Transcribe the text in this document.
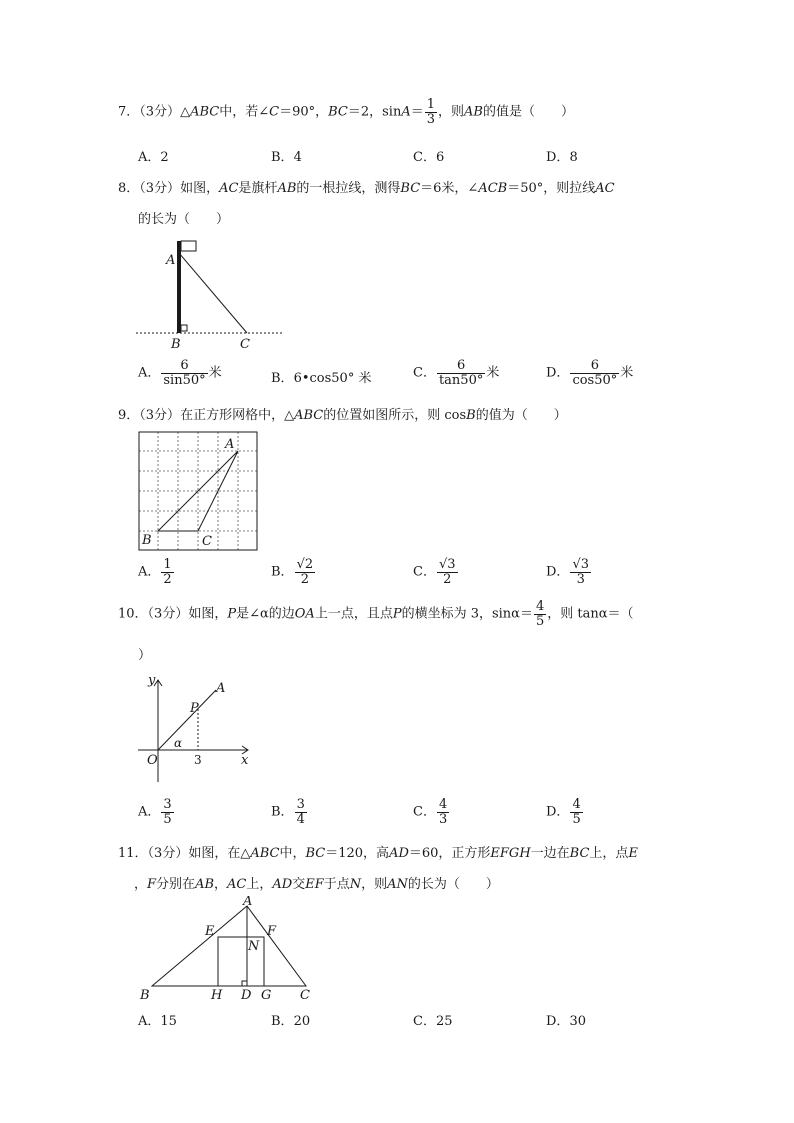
7．（3分）△ABC中，若∠C＝90°，BC＝2，$\sin A= \frac{1}{3}$ ，则AB的值是（　　）
A．2	B．4	C．6	D．8
8．（3分）如图，AC是旗杆AB的一根拉线，测得BC＝6米，∠ACB＝50°，则拉线AC
的长为（　　）
A
B	C
A． $\frac{6}{\sin 50^\circ}$ 米	B．6•cos50° 米	C． $\frac{6}{\tan 50^\circ}$ 米	D． $\frac{6}{\cos 50^\circ}$ 米
9．（3分）在正方形网格中，△ABC的位置如图所示，则 cosB的值为（　　）
A
B	C
A． $\frac{1}{2}$	B． $\frac{√2}{2}$	C． $\frac{√3}{2}$	D． $\frac{√3}{3}$
10．（3分）如图，P是∠α的边OA上一点，且点P的横坐标为 3，$\sin\alpha= \frac{4}{5}$ ，则 tanα＝（
）
y
A
P
α
O	3	x
A． $\frac{3}{5}$	B． $\frac{3}{4}$	C． $\frac{4}{3}$	D． $\frac{4}{5}$
11．（3分）如图，在△ABC中，BC＝120，高AD＝60，正方形EFGH一边在BC上，点E
，F分别在AB，AC上，AD交EF于点N，则AN的长为（　　）
A
E	F
N
B	H D G C
A．15	B．20	C．25	D．30
